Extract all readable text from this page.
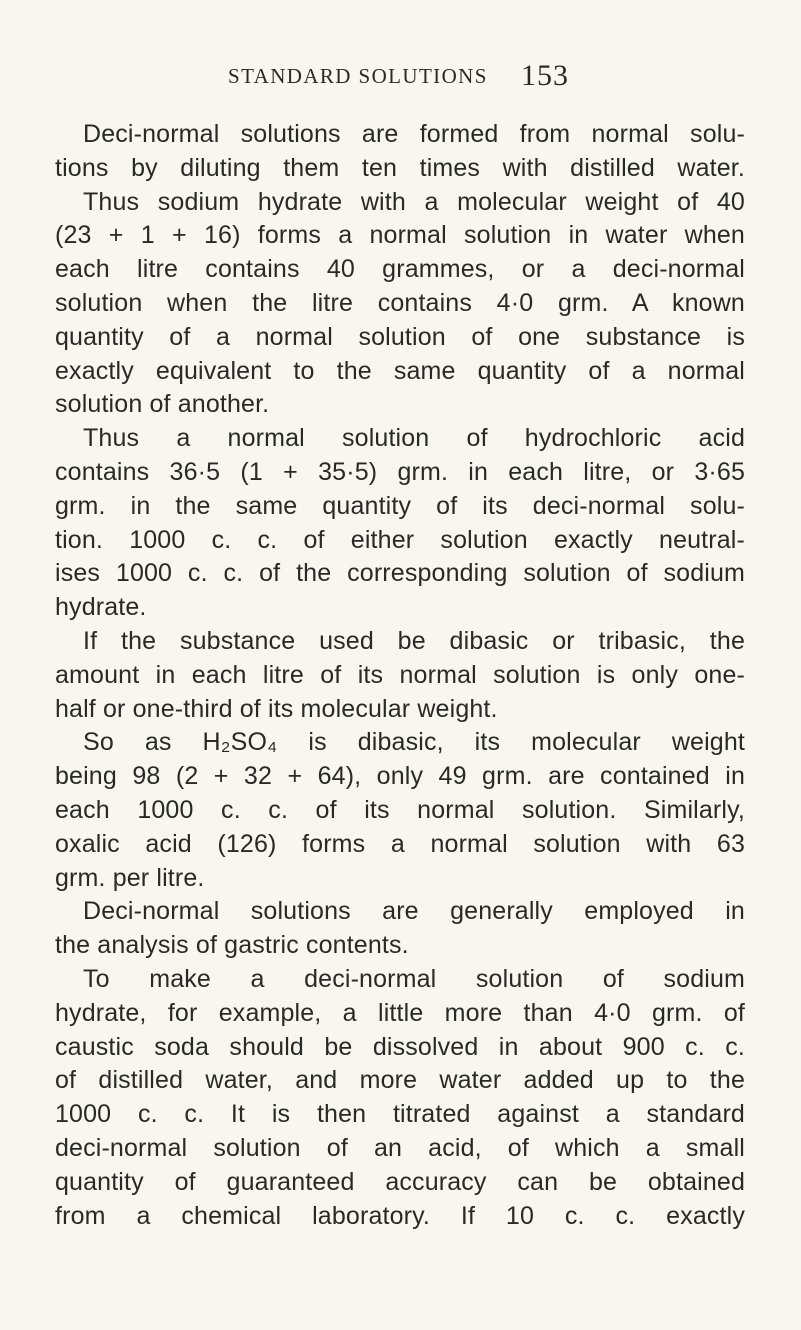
STANDARD SOLUTIONS 153
Deci-normal solutions are formed from normal solu-
tions by diluting them ten times with distilled water.
Thus sodium hydrate with a molecular weight of 40
(23 + 1 + 16) forms a normal solution in water when
each litre contains 40 grammes, or a deci-normal
solution when the litre contains 4·0 grm. A known
quantity of a normal solution of one substance is
exactly equivalent to the same quantity of a normal
solution of another.
Thus a normal solution of hydrochloric acid
contains 36·5 (1 + 35·5) grm. in each litre, or 3·65
grm. in the same quantity of its deci-normal solu-
tion. 1000 c. c. of either solution exactly neutral-
ises 1000 c. c. of the corresponding solution of sodium
hydrate.
If the substance used be dibasic or tribasic, the
amount in each litre of its normal solution is only one-
half or one-third of its molecular weight.
So as H₂SO₄ is dibasic, its molecular weight
being 98 (2 + 32 + 64), only 49 grm. are contained in
each 1000 c. c. of its normal solution. Similarly,
oxalic acid (126) forms a normal solution with 63
grm. per litre.
Deci-normal solutions are generally employed in
the analysis of gastric contents.
To make a deci-normal solution of sodium
hydrate, for example, a little more than 4·0 grm. of
caustic soda should be dissolved in about 900 c. c.
of distilled water, and more water added up to the
1000 c. c. It is then titrated against a standard
deci-normal solution of an acid, of which a small
quantity of guaranteed accuracy can be obtained
from a chemical laboratory. If 10 c. c. exactly
